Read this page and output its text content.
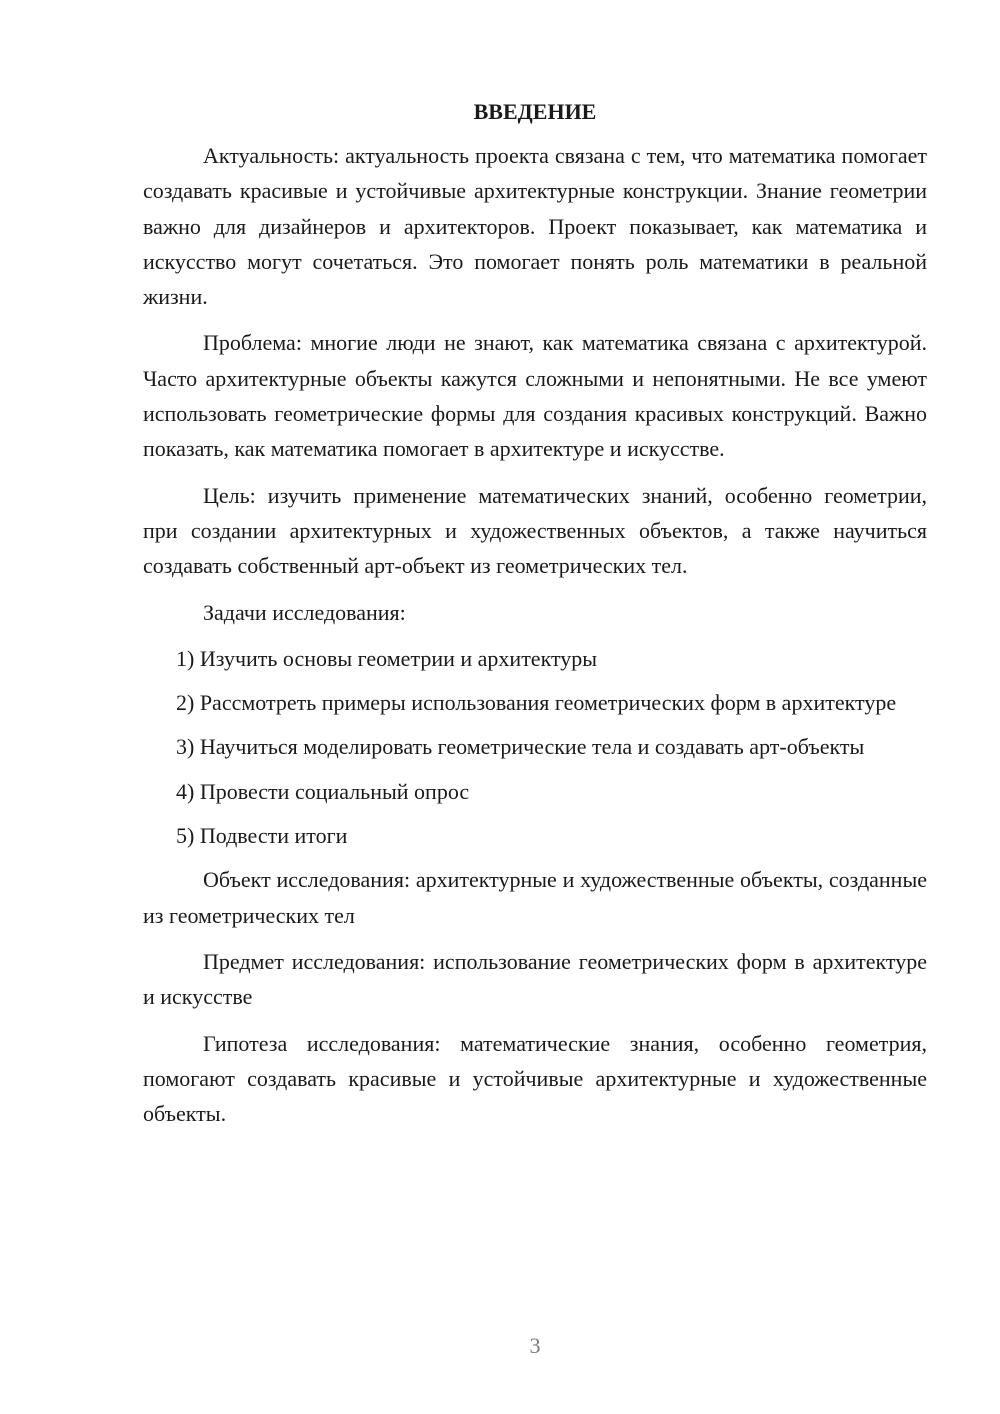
ВВЕДЕНИЕ

Актуальность: актуальность проекта связана с тем, что математика помогает создавать красивые и устойчивые архитектурные конструкции. Знание геометрии важно для дизайнеров и архитекторов. Проект показывает, как математика и искусство могут сочетаться. Это помогает понять роль математики в реальной жизни.

Проблема: многие люди не знают, как математика связана с архитектурой. Часто архитектурные объекты кажутся сложными и непонятными. Не все умеют использовать геометрические формы для создания красивых конструкций. Важно показать, как математика помогает в архитектуре и искусстве.

Цель: изучить применение математических знаний, особенно геометрии, при создании архитектурных и художественных объектов, а также научиться создавать собственный арт-объект из геометрических тел.

Задачи исследования:

1) Изучить основы геометрии и архитектуры

2) Рассмотреть примеры использования геометрических форм в архитектуре

3) Научиться моделировать геометрические тела и создавать арт-объекты

4) Провести социальный опрос

5) Подвести итоги

Объект исследования: архитектурные и художественные объекты, созданные из геометрических тел

Предмет исследования: использование геометрических форм в архитектуре и искусстве

Гипотеза исследования: математические знания, особенно геометрия, помогают создавать красивые и устойчивые архитектурные и художественные объекты.

3
